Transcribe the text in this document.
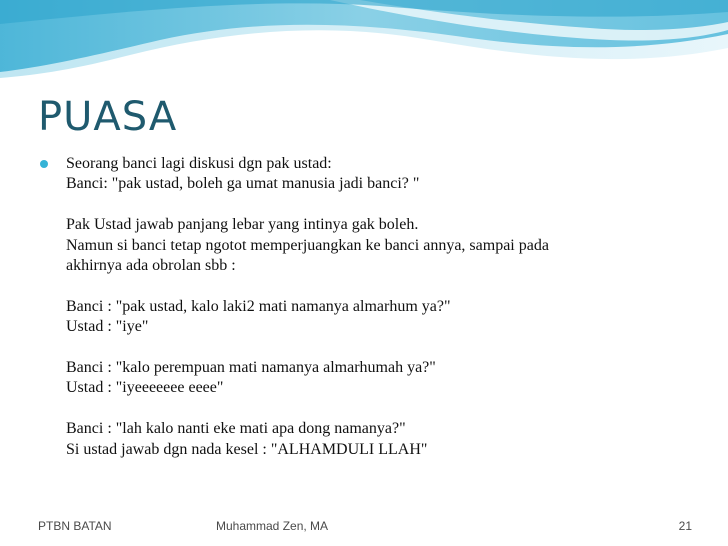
PUASA
Seorang banci lagi diskusi dgn pak ustad:
Banci: "pak ustad, boleh ga umat manusia jadi banci? "
Pak Ustad jawab panjang lebar yang intinya gak boleh.
Namun si banci tetap ngotot memperjuangkan ke banci annya, sampai pada
akhirnya ada obrolan sbb :
Banci : "pak ustad, kalo laki2 mati namanya almarhum ya?"
Ustad : "iye"
Banci : "kalo perempuan mati namanya almarhumah ya?"
Ustad : "iyeeeeeee eeee"
Banci : "lah kalo nanti eke mati apa dong namanya?"
Si ustad jawab dgn nada kesel : "ALHAMDULI LLAH"
PTBN BATAN	Muhammad Zen, MA	21
